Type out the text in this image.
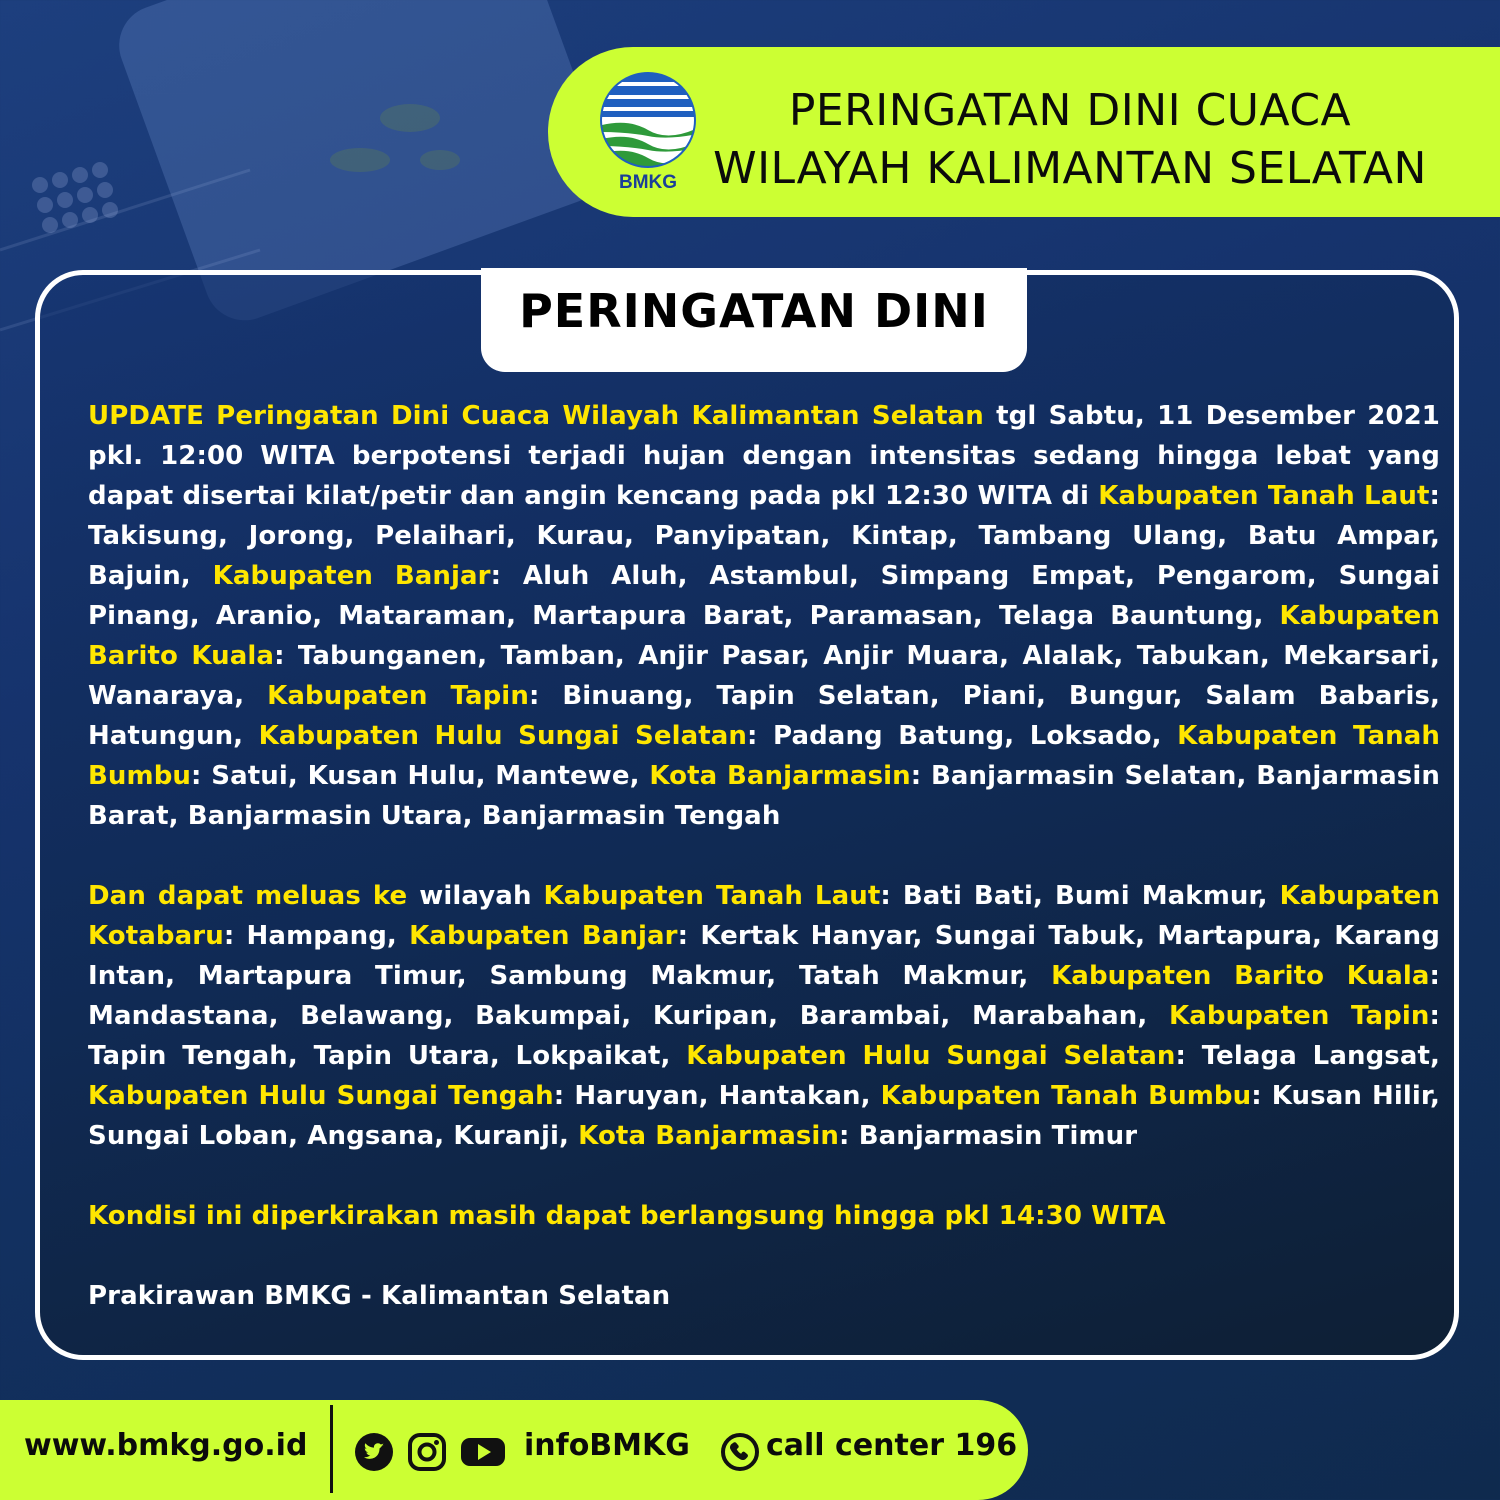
BMKG
PERINGATAN DINI CUACA
WILAYAH KALIMANTAN SELATAN
PERINGATAN DINI

UPDATE Peringatan Dini Cuaca Wilayah Kalimantan Selatan tgl Sabtu, 11 Desember 2021 pkl. 12:00 WITA berpotensi terjadi hujan dengan intensitas sedang hingga lebat yang dapat disertai kilat/petir dan angin kencang pada pkl 12:30 WITA di Kabupaten Tanah Laut: Takisung, Jorong, Pelaihari, Kurau, Panyipatan, Kintap, Tambang Ulang, Batu Ampar, Bajuin, Kabupaten Banjar: Aluh Aluh, Astambul, Simpang Empat, Pengarom, Sungai Pinang, Aranio, Mataraman, Martapura Barat, Paramasan, Telaga Bauntung, Kabupaten Barito Kuala: Tabunganen, Tamban, Anjir Pasar, Anjir Muara, Alalak, Tabukan, Mekarsari, Wanaraya, Kabupaten Tapin: Binuang, Tapin Selatan, Piani, Bungur, Salam Babaris, Hatungun, Kabupaten Hulu Sungai Selatan: Padang Batung, Loksado, Kabupaten Tanah Bumbu: Satui, Kusan Hulu, Mantewe, Kota Banjarmasin: Banjarmasin Selatan, Banjarmasin Barat, Banjarmasin Utara, Banjarmasin Tengah

Dan dapat meluas ke wilayah Kabupaten Tanah Laut: Bati Bati, Bumi Makmur, Kabupaten Kotabaru: Hampang, Kabupaten Banjar: Kertak Hanyar, Sungai Tabuk, Martapura, Karang Intan, Martapura Timur, Sambung Makmur, Tatah Makmur, Kabupaten Barito Kuala: Mandastana, Belawang, Bakumpai, Kuripan, Barambai, Marabahan, Kabupaten Tapin: Tapin Tengah, Tapin Utara, Lokpaikat, Kabupaten Hulu Sungai Selatan: Telaga Langsat, Kabupaten Hulu Sungai Tengah: Haruyan, Hantakan, Kabupaten Tanah Bumbu: Kusan Hilir, Sungai Loban, Angsana, Kuranji, Kota Banjarmasin: Banjarmasin Timur

Kondisi ini diperkirakan masih dapat berlangsung hingga pkl 14:30 WITA

Prakirawan BMKG - Kalimantan Selatan

www.bmkg.go.id	infoBMKG	call center 196
